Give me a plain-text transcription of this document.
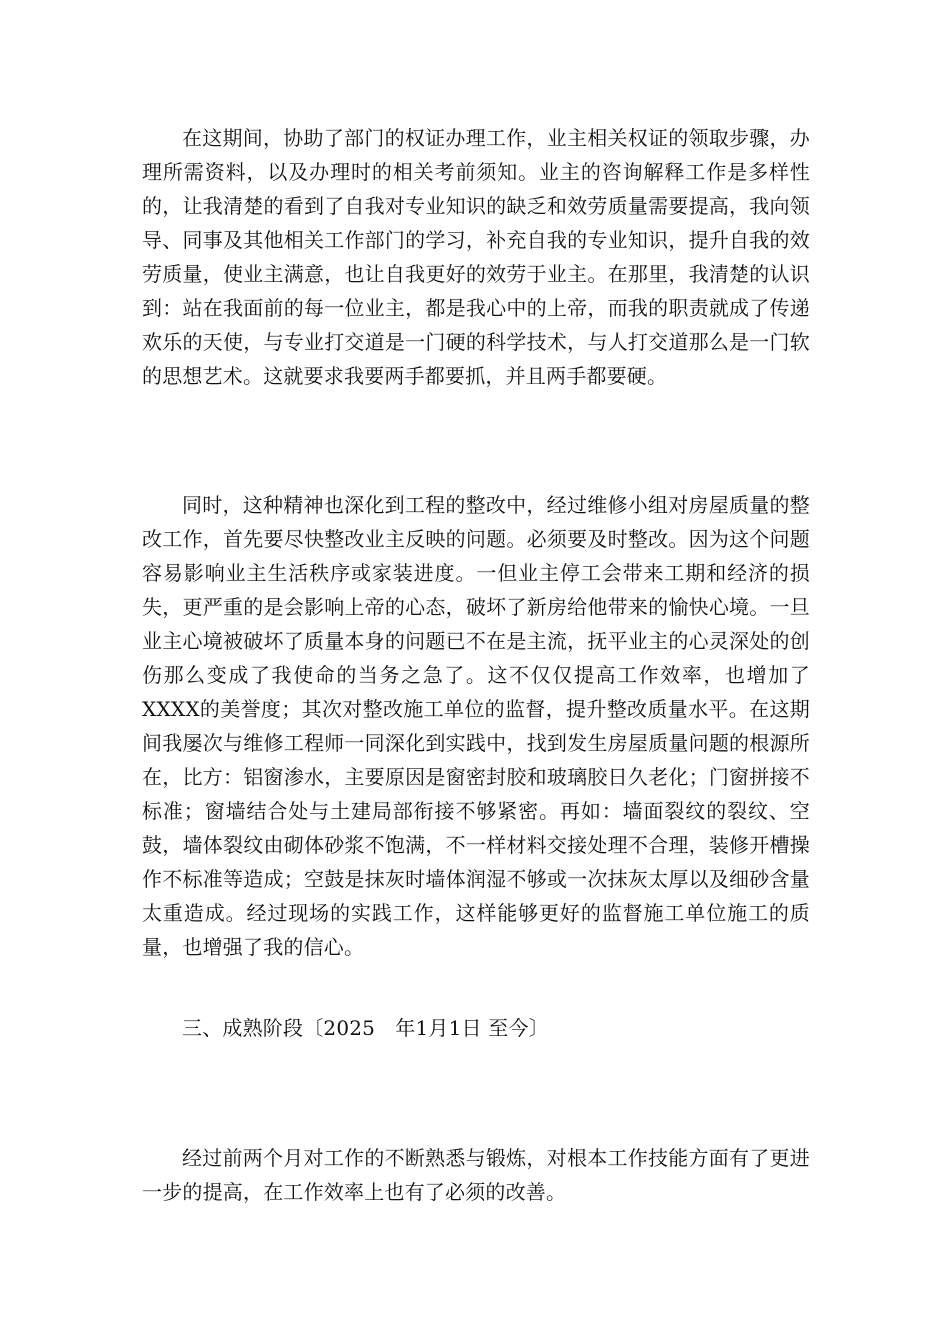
在这期间，协助了部门的权证办理工作，业主相关权证的领取步骤，办理所需资料，以及办理时的相关考前须知。业主的咨询解释工作是多样性的，让我清楚的看到了自我对专业知识的缺乏和效劳质量需要提高，我向领导、同事及其他相关工作部门的学习，补充自我的专业知识，提升自我的效劳质量，使业主满意，也让自我更好的效劳于业主。在那里，我清楚的认识到：站在我面前的每一位业主，都是我心中的上帝，而我的职责就成了传递欢乐的天使，与专业打交道是一门硬的科学技术，与人打交道那么是一门软的思想艺术。这就要求我要两手都要抓，并且两手都要硬。

同时，这种精神也深化到工程的整改中，经过维修小组对房屋质量的整改工作，首先要尽快整改业主反映的问题。必须要及时整改。因为这个问题容易影响业主生活秩序或家装进度。一但业主停工会带来工期和经济的损失，更严重的是会影响上帝的心态，破坏了新房给他带来的愉快心境。一旦业主心境被破坏了质量本身的问题已不在是主流，抚平业主的心灵深处的创伤那么变成了我使命的当务之急了。这不仅仅提高工作效率，也增加了XXXX的美誉度；其次对整改施工单位的监督，提升整改质量水平。在这期间我屡次与维修工程师一同深化到实践中，找到发生房屋质量问题的根源所在，比方：铝窗渗水，主要原因是窗密封胶和玻璃胶日久老化；门窗拼接不标准；窗墙结合处与土建局部衔接不够紧密。再如：墙面裂纹的裂纹、空鼓，墙体裂纹由砌体砂浆不饱满，不一样材料交接处理不合理，装修开槽操作不标准等造成；空鼓是抹灰时墙体润湿不够或一次抹灰太厚以及细砂含量太重造成。经过现场的实践工作，这样能够更好的监督施工单位施工的质量，也增强了我的信心。

三、成熟阶段〔2025　年1月1日 至今〕

经过前两个月对工作的不断熟悉与锻炼，对根本工作技能方面有了更进一步的提高，在工作效率上也有了必须的改善。
